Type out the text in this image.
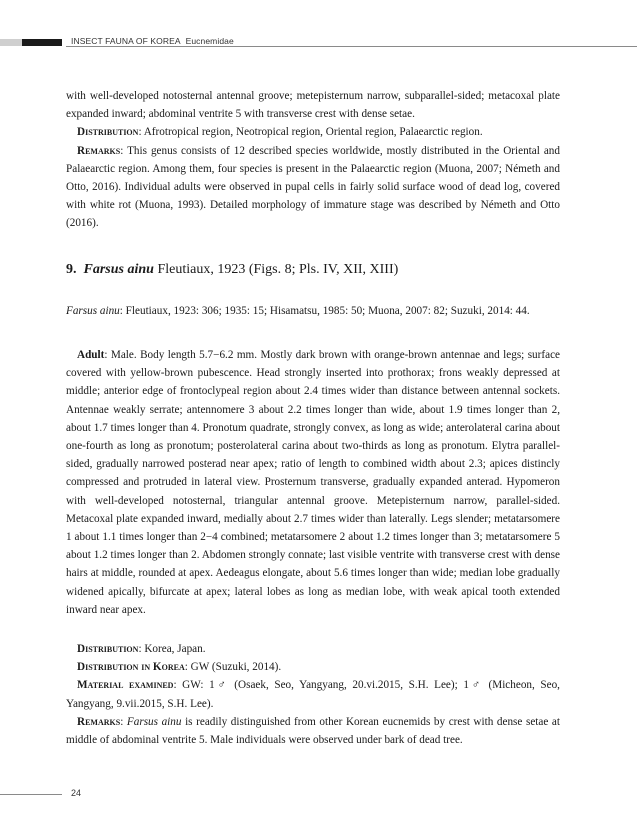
INSECT FAUNA OF KOREA Eucnemidae

with well-developed notosternal antennal groove; metepisternum narrow, subparallel-sided; metacoxal plate expanded inward; abdominal ventrite 5 with transverse crest with dense setae.

Distribution: Afrotropical region, Neotropical region, Oriental region, Palaearctic region.

Remarks: This genus consists of 12 described species worldwide, mostly distributed in the Oriental and Palaearctic region. Among them, four species is present in the Palaearctic region (Muona, 2007; Németh and Otto, 2016). Individual adults were observed in pupal cells in fairly solid surface wood of dead log, covered with white rot (Muona, 1993). Detailed morphology of immature stage was described by Németh and Otto (2016).

9. Farsus ainu Fleutiaux, 1923 (Figs. 8; Pls. IV, XII, XIII)

Farsus ainu: Fleutiaux, 1923: 306; 1935: 15; Hisamatsu, 1985: 50; Muona, 2007: 82; Suzuki, 2014: 44.

Adult: Male. Body length 5.7−6.2 mm. Mostly dark brown with orange-brown antennae and legs; surface covered with yellow-brown pubescence. Head strongly inserted into prothorax; frons weakly depressed at middle; anterior edge of frontoclypeal region about 2.4 times wider than distance between antennal sockets. Antennae weakly serrate; antennomere 3 about 2.2 times longer than wide, about 1.9 times longer than 2, about 1.7 times longer than 4. Pronotum quadrate, strongly convex, as long as wide; anterolateral carina about one-fourth as long as pronotum; posterolateral carina about two-thirds as long as pronotum. Elytra parallel-sided, gradually narrowed posterad near apex; ratio of length to combined width about 2.3; apices distincly compressed and protruded in lateral view. Prosternum transverse, gradually expanded anterad. Hypomeron with well-developed notosternal, triangular antennal groove. Metepisternum narrow, parallel-sided. Metacoxal plate expanded inward, medially about 2.7 times wider than laterally. Legs slender; metatarsomere 1 about 1.1 times longer than 2−4 combined; metatarsomere 2 about 1.2 times longer than 3; metatarsomere 5 about 1.2 times longer than 2. Abdomen strongly connate; last visible ventrite with transverse crest with dense hairs at middle, rounded at apex. Aedeagus elongate, about 5.6 times longer than wide; median lobe gradually widened apically, bifurcate at apex; lateral lobes as long as median lobe, with weak apical tooth extended inward near apex.

Distribution: Korea, Japan.

Distribution in Korea: GW (Suzuki, 2014).

Material examined: GW: 1♂ (Osaek, Seo, Yangyang, 20.vi.2015, S.H. Lee); 1♂ (Micheon, Seo, Yangyang, 9.vii.2015, S.H. Lee).

Remarks: Farsus ainu is readily distinguished from other Korean eucnemids by crest with dense setae at middle of abdominal ventrite 5. Male individuals were observed under bark of dead tree.

24
